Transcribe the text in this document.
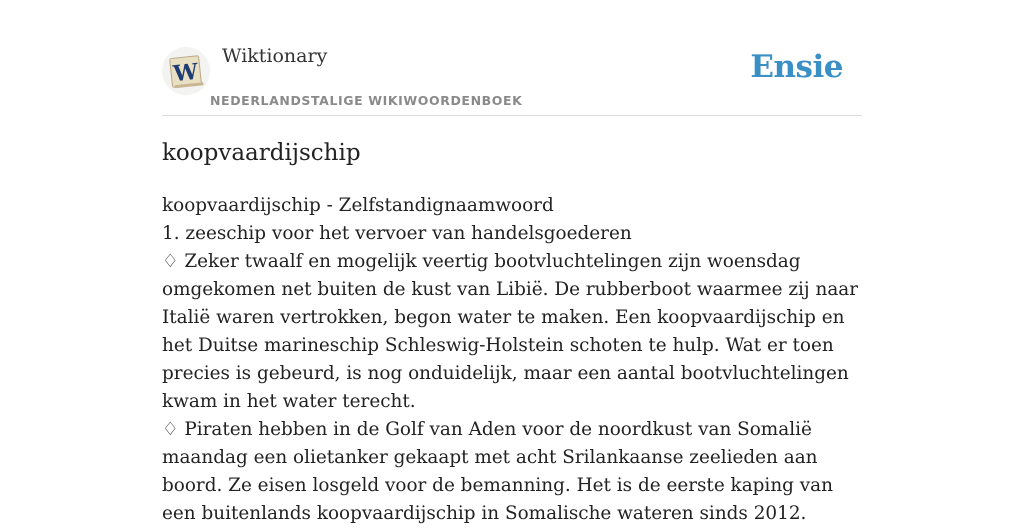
W
Wiktionary
NEDERLANDSTALIGE WIKIWOORDENBOEK
Ensie
koopvaardijschip

koopvaardijschip - Zelfstandignaamwoord

1. zeeschip voor het vervoer van handelsgoederen

♢ Zeker twaalf en mogelijk veertig bootvluchtelingen zijn woensdag omgekomen net buiten de kust van Libië. De rubberboot waarmee zij naar Italië waren vertrokken, begon water te maken. Een koopvaardijschip en het Duitse marineschip Schleswig-Holstein schoten te hulp. Wat er toen precies is gebeurd, is nog onduidelijk, maar een aantal bootvluchtelingen kwam in het water terecht.

♢ Piraten hebben in de Golf van Aden voor de noordkust van Somalië maandag een olietanker gekaapt met acht Srilankaanse zeelieden aan boord. Ze eisen losgeld voor de bemanning. Het is de eerste kaping van een buitenlands koopvaardijschip in Somalische wateren sinds 2012.
